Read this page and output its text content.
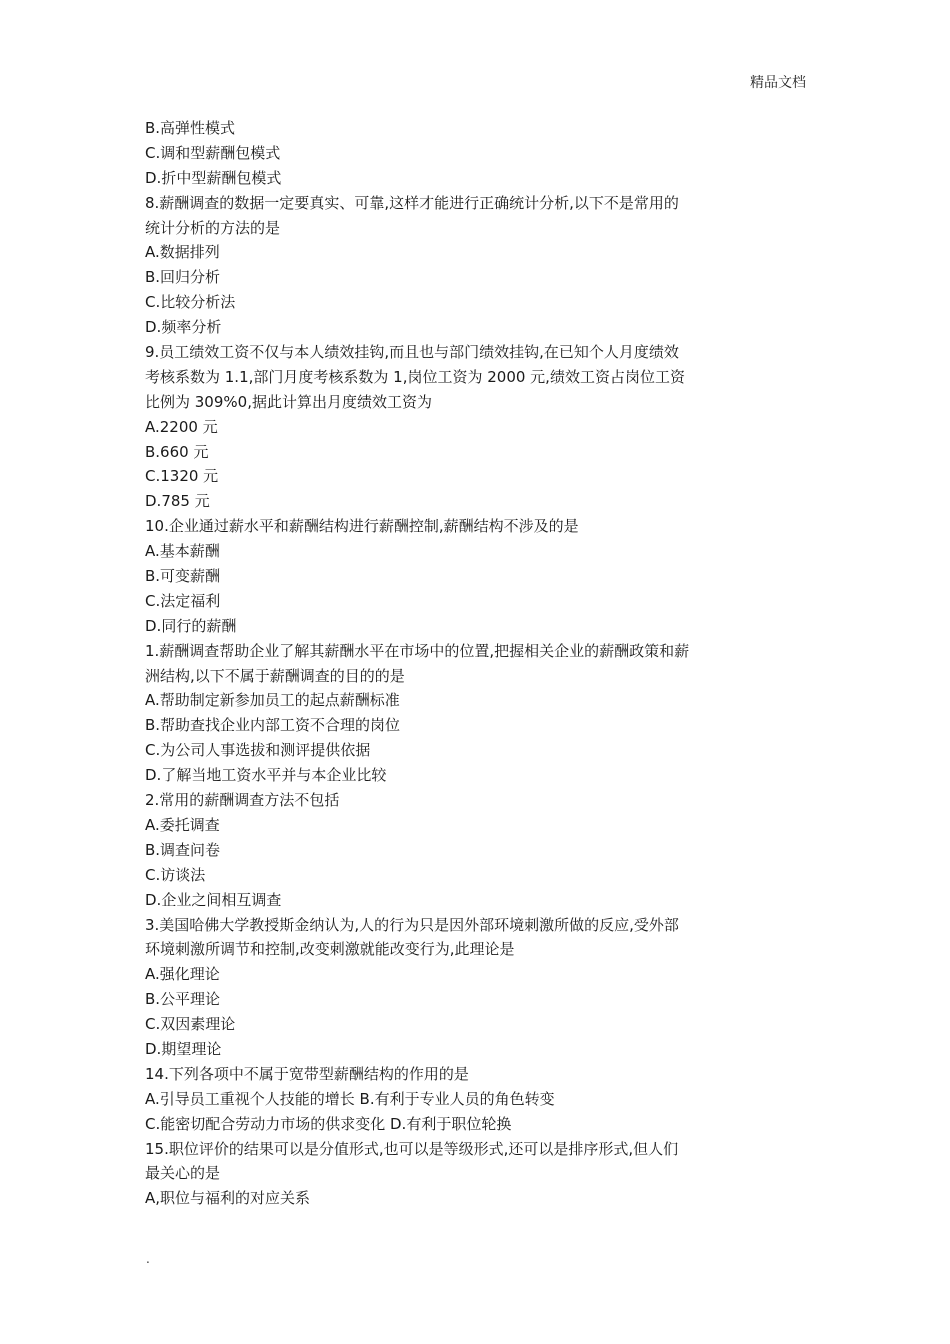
精品文档
B.高弹性模式
C.调和型薪酬包模式
D.折中型薪酬包模式
8.薪酬调查的数据一定要真实、可靠,这样才能进行正确统计分析,以下不是常用的
统计分析的方法的是
A.数据排列
B.回归分析
C.比较分析法
D.频率分析
9.员工绩效工资不仅与本人绩效挂钩,而且也与部门绩效挂钩,在已知个人月度绩效
考核系数为 1.1,部门月度考核系数为 1,岗位工资为 2000 元,绩效工资占岗位工资
比例为 309%0,据此计算出月度绩效工资为
A.2200 元
B.660 元
C.1320 元
D.785 元
10.企业通过薪水平和薪酬结构进行薪酬控制,薪酬结构不涉及的是
A.基本薪酬
B.可变薪酬
C.法定福利
D.同行的薪酬
1.薪酬调查帮助企业了解其薪酬水平在市场中的位置,把握相关企业的薪酬政策和薪
洲结构,以下不属于薪酬调查的目的的是
A.帮助制定新参加员工的起点薪酬标准
B.帮助查找企业内部工资不合理的岗位
C.为公司人事选拔和测评提供依据
D.了解当地工资水平并与本企业比较
2.常用的薪酬调查方法不包括
A.委托调查
B.调查问卷
C.访谈法
D.企业之间相互调查
3.美国哈佛大学教授斯金纳认为,人的行为只是因外部环境刺激所做的反应,受外部
环境刺激所调节和控制,改变刺激就能改变行为,此理论是
A.强化理论
B.公平理论
C.双因素理论
D.期望理论
14.下列各项中不属于宽带型薪酬结构的作用的是
A.引导员工重视个人技能的增长 B.有利于专业人员的角色转变
C.能密切配合劳动力市场的供求变化 D.有利于职位轮换
15.职位评价的结果可以是分值形式,也可以是等级形式,还可以是排序形式,但人们
最关心的是
A,职位与福利的对应关系
.
